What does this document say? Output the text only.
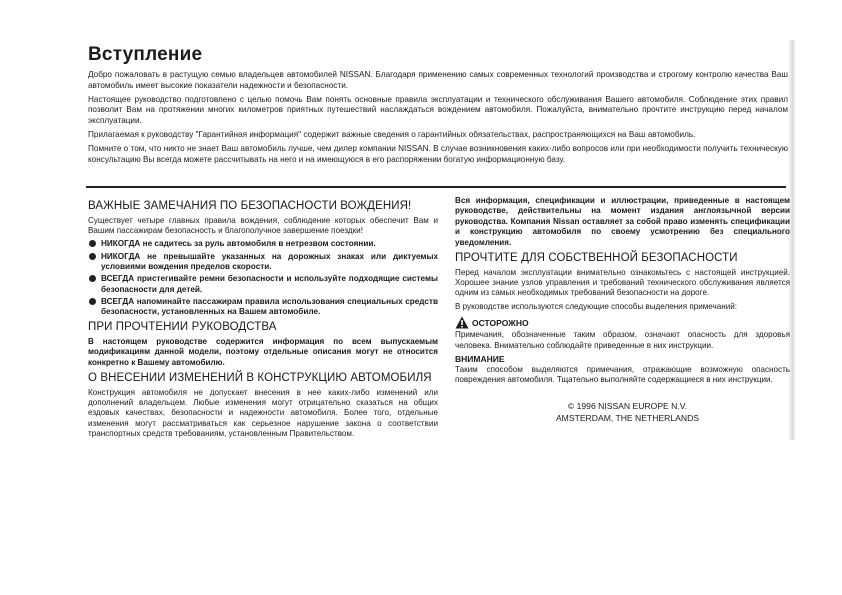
Вступление

Добро пожаловать в растущую семью владельцев автомобилей NISSAN. Благодаря применению самых современных технологий производства и строгому контролю качества Ваш автомобиль имеет высокие показатели надежности и безопасности.

Настоящее руководство подготовлено с целью помочь Вам понять основные правила эксплуатации и технического обслуживания Вашего автомобиля. Соблюдение этих правил позволит Вам на протяжении многих километров приятных путешествий наслаждаться вождением автомобиля. Пожалуйста, внимательно прочтите инструкцию перед началом эксплуатации.

Прилагаемая к руководству "Гарантийная информация" содержит важные сведения о гарантийных обязательствах, распространяющихся на Ваш автомобиль.

Помните о том, что никто не знает Ваш автомобиль лучше, чем дилер компании NISSAN. В случае возникновения каких-либо вопросов или при необходимости получить техническую консультацию Вы всегда можете рассчитывать на него и на имеющуюся в его распоряжении богатую информационную базу.

ВАЖНЫЕ ЗАМЕЧАНИЯ ПО БЕЗОПАСНОСТИ ВОЖДЕНИЯ!

Существует четыре главных правила вождения, соблюдение которых обеспечит Вам и Вашим пассажирам безопасность и благополучное завершение поездки!

НИКОГДА не садитесь за руль автомобиля в нетрезвом состоянии.
НИКОГДА не превышайте указанных на дорожных знаках или диктуемых условиями вождения пределов скорости.
ВСЕГДА пристегивайте ремни безопасности и используйте подходящие системы безопасности для детей.
ВСЕГДА напоминайте пассажирам правила использования специальных средств безопасности, установленных на Вашем автомобиле.
ПРИ ПРОЧТЕНИИ РУКОВОДСТВА

В настоящем руководстве содержится информация по всем выпускаемым модификациям данной модели, поэтому отдельные описания могут не относится конкретно к Вашему автомобилю.

О ВНЕСЕНИИ ИЗМЕНЕНИЙ В КОНСТРУКЦИЮ АВТОМОБИЛЯ

Конструкция автомобиля не допускает внесения в нее каких-либо изменений или дополнений владельцем. Любые изменения могут отрицательно сказаться на общих ездовых качествах, безопасности и надежности автомобиля. Более того, отдельные изменения могут рассматриваться как серьезное нарушение закона о соответствии транспортных средств требованиям, установленным Правительством.

Вся информация, спецификации и иллюстрации, приведенные в настоящем руководстве, действительны на момент издания англоязычной версии руководства. Компания Nissan оставляет за собой право изменять спецификации и конструкцию автомобиля по своему усмотрению без специального уведомления.

ПРОЧТИТЕ ДЛЯ СОБСТВЕННОЙ БЕЗОПАСНОСТИ

Перед началом эксплуатации внимательно ознакомьтесь с настоящей инструкцией. Хорошее знание узлов управления и требований технического обслуживания является одним из самых необходимых требований безопасности на дороге.

В руководстве используются следующие способы выделения примечаний:

ОСТОРОЖНО

Примечания, обозначенные таким образом, означают опасность для здоровья человека. Внимательно соблюдайте приведенные в них инструкции.

ВНИМАНИЕ

Таким способом выделяются примечания, отражающие возможную опасность повреждения автомобиля. Тщательно выполняйте содержащиеся в них инструкции.

© 1996 NISSAN EUROPE N.V.
AMSTERDAM, THE NETHERLANDS
